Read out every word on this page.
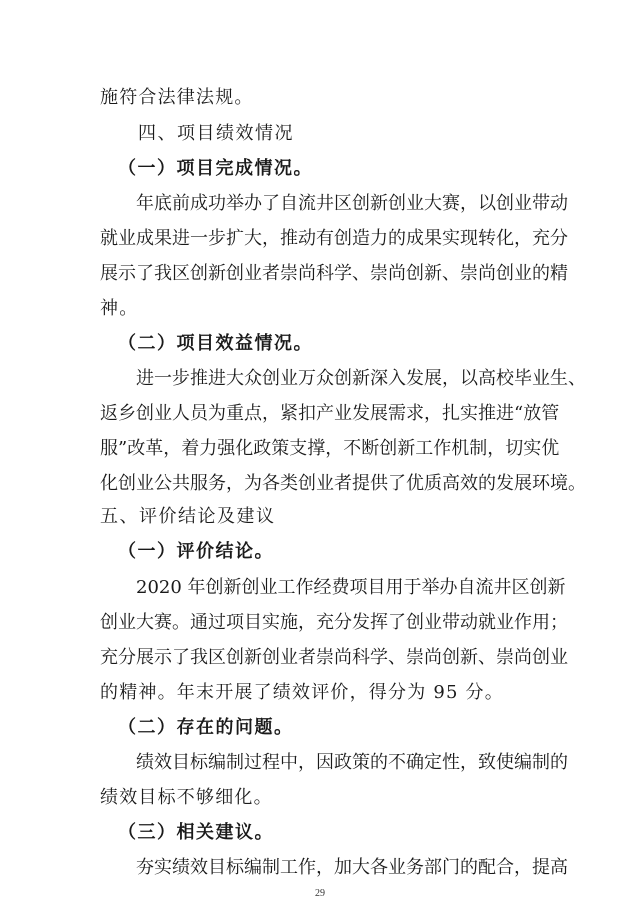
施符合法律法规。
四、项目绩效情况
（一）项目完成情况。
年底前成功举办了自流井区创新创业大赛，以创业带动
就业成果进一步扩大，推动有创造力的成果实现转化，充分
展示了我区创新创业者崇尚科学、崇尚创新、崇尚创业的精
神。
（二）项目效益情况。
进一步推进大众创业万众创新深入发展，以高校毕业生、
返乡创业人员为重点，紧扣产业发展需求，扎实推进“放管
服”改革，着力强化政策支撑，不断创新工作机制，切实优
化创业公共服务，为各类创业者提供了优质高效的发展环境。
五、评价结论及建议
（一）评价结论。
2020 年创新创业工作经费项目用于举办自流井区创新
创业大赛。通过项目实施，充分发挥了创业带动就业作用；
充分展示了我区创新创业者崇尚科学、崇尚创新、崇尚创业
的精神。年末开展了绩效评价，得分为 95 分。
（二）存在的问题。
绩效目标编制过程中，因政策的不确定性，致使编制的
绩效目标不够细化。
（三）相关建议。
夯实绩效目标编制工作，加大各业务部门的配合，提高
29
